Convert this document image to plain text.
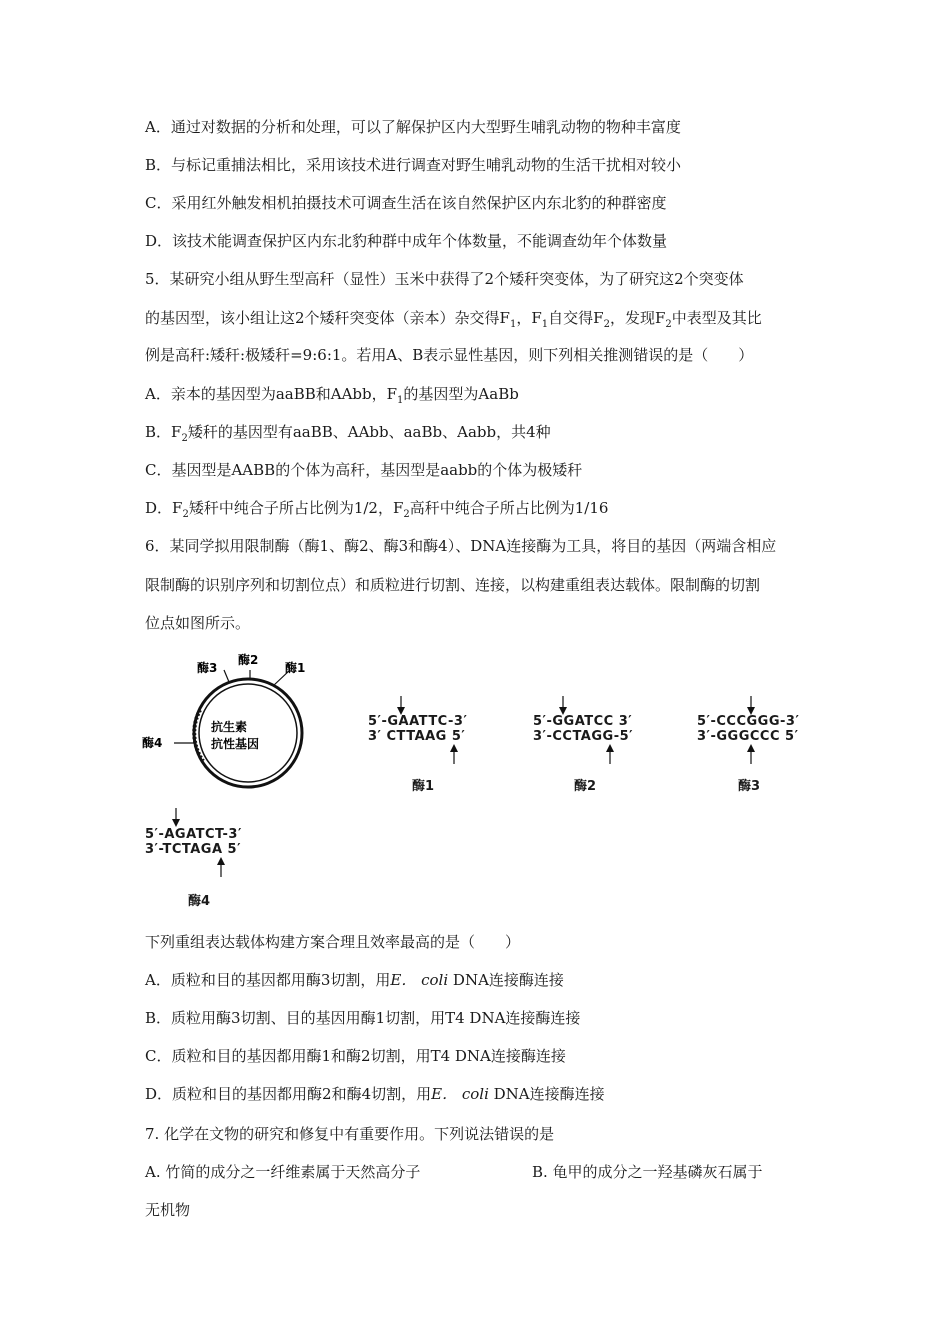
A．通过对数据的分析和处理，可以了解保护区内大型野生哺乳动物的物种丰富度
B．与标记重捕法相比，采用该技术进行调查对野生哺乳动物的生活干扰相对较小
C．采用红外触发相机拍摄技术可调查生活在该自然保护区内东北豹的种群密度
D．该技术能调查保护区内东北豹种群中成年个体数量，不能调查幼年个体数量
5．某研究小组从野生型高秆（显性）玉米中获得了2个矮秆突变体，为了研究这2个突变体
的基因型，该小组让这2个矮秆突变体（亲本）杂交得$F_1$，$F_1$自交得$F_2$，发现$F_2$中表型及其比
例是高秆:矮秆:极矮秆=9:6:1。若用A、B表示显性基因，则下列相关推测错误的是（　　）
A．亲本的基因型为aaBB和AAbb，$F_1$的基因型为AaBb
B．$F_2$矮秆的基因型有aaBB、AAbb、aaBb、Aabb，共4种
C．基因型是AABB的个体为高秆，基因型是aabb的个体为极矮秆
D．$F_2$矮秆中纯合子所占比例为1/2，$F_2$高秆中纯合子所占比例为1/16
6．某同学拟用限制酶（酶1、酶2、酶3和酶4）、DNA连接酶为工具，将目的基因（两端含相应
限制酶的识别序列和切割位点）和质粒进行切割、连接，以构建重组表达载体。限制酶的切割
位点如图所示。
酶3
酶2
酶1
酶4
抗生素
抗性基因
5′-GAATTC-3′
3′ CTTAAG 5′
酶1
5′-GGATCC 3′
3′-CCTAGG-5′
酶2
5′-CCCGGG-3′
3′-GGGCCC 5′
酶3
5′-AGATCT-3′
3′-TCTAGA 5′
酶4
下列重组表达载体构建方案合理且效率最高的是（　　）
A．质粒和目的基因都用酶3切割，用E． coli DNA连接酶连接
B．质粒用酶3切割、目的基因用酶1切割，用T4 DNA连接酶连接
C．质粒和目的基因都用酶1和酶2切割，用T4 DNA连接酶连接
D．质粒和目的基因都用酶2和酶4切割，用E． coli DNA连接酶连接
7. 化学在文物的研究和修复中有重要作用。下列说法错误的是
A. 竹简的成分之一纤维素属于天然高分子	B. 龟甲的成分之一羟基磷灰石属于
无机物
